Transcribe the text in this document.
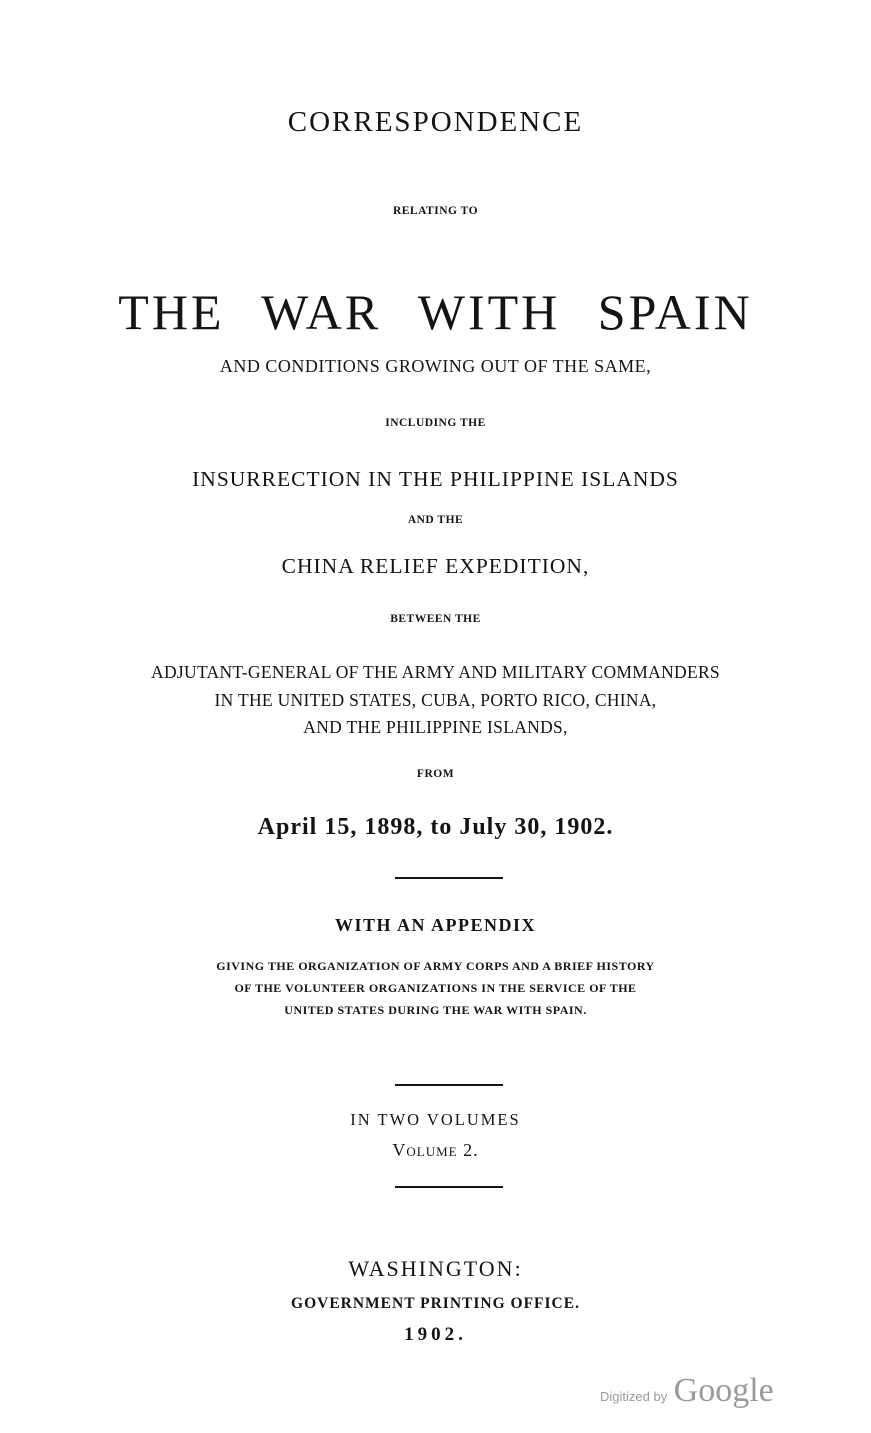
CORRESPONDENCE
RELATING TO
THE WAR WITH SPAIN
AND CONDITIONS GROWING OUT OF THE SAME,
INCLUDING THE
INSURRECTION IN THE PHILIPPINE ISLANDS
AND THE
CHINA RELIEF EXPEDITION,
BETWEEN THE
ADJUTANT-GENERAL OF THE ARMY AND MILITARY COMMANDERS
IN THE UNITED STATES, CUBA, PORTO RICO, CHINA,
AND THE PHILIPPINE ISLANDS,
FROM
April 15, 1898, to July 30, 1902.
WITH AN APPENDIX
GIVING THE ORGANIZATION OF ARMY CORPS AND A BRIEF HISTORY
OF THE VOLUNTEER ORGANIZATIONS IN THE SERVICE OF THE
UNITED STATES DURING THE WAR WITH SPAIN.
IN TWO VOLUMES
Volume 2.
WASHINGTON:
GOVERNMENT PRINTING OFFICE.
1902.
Digitized by Google
